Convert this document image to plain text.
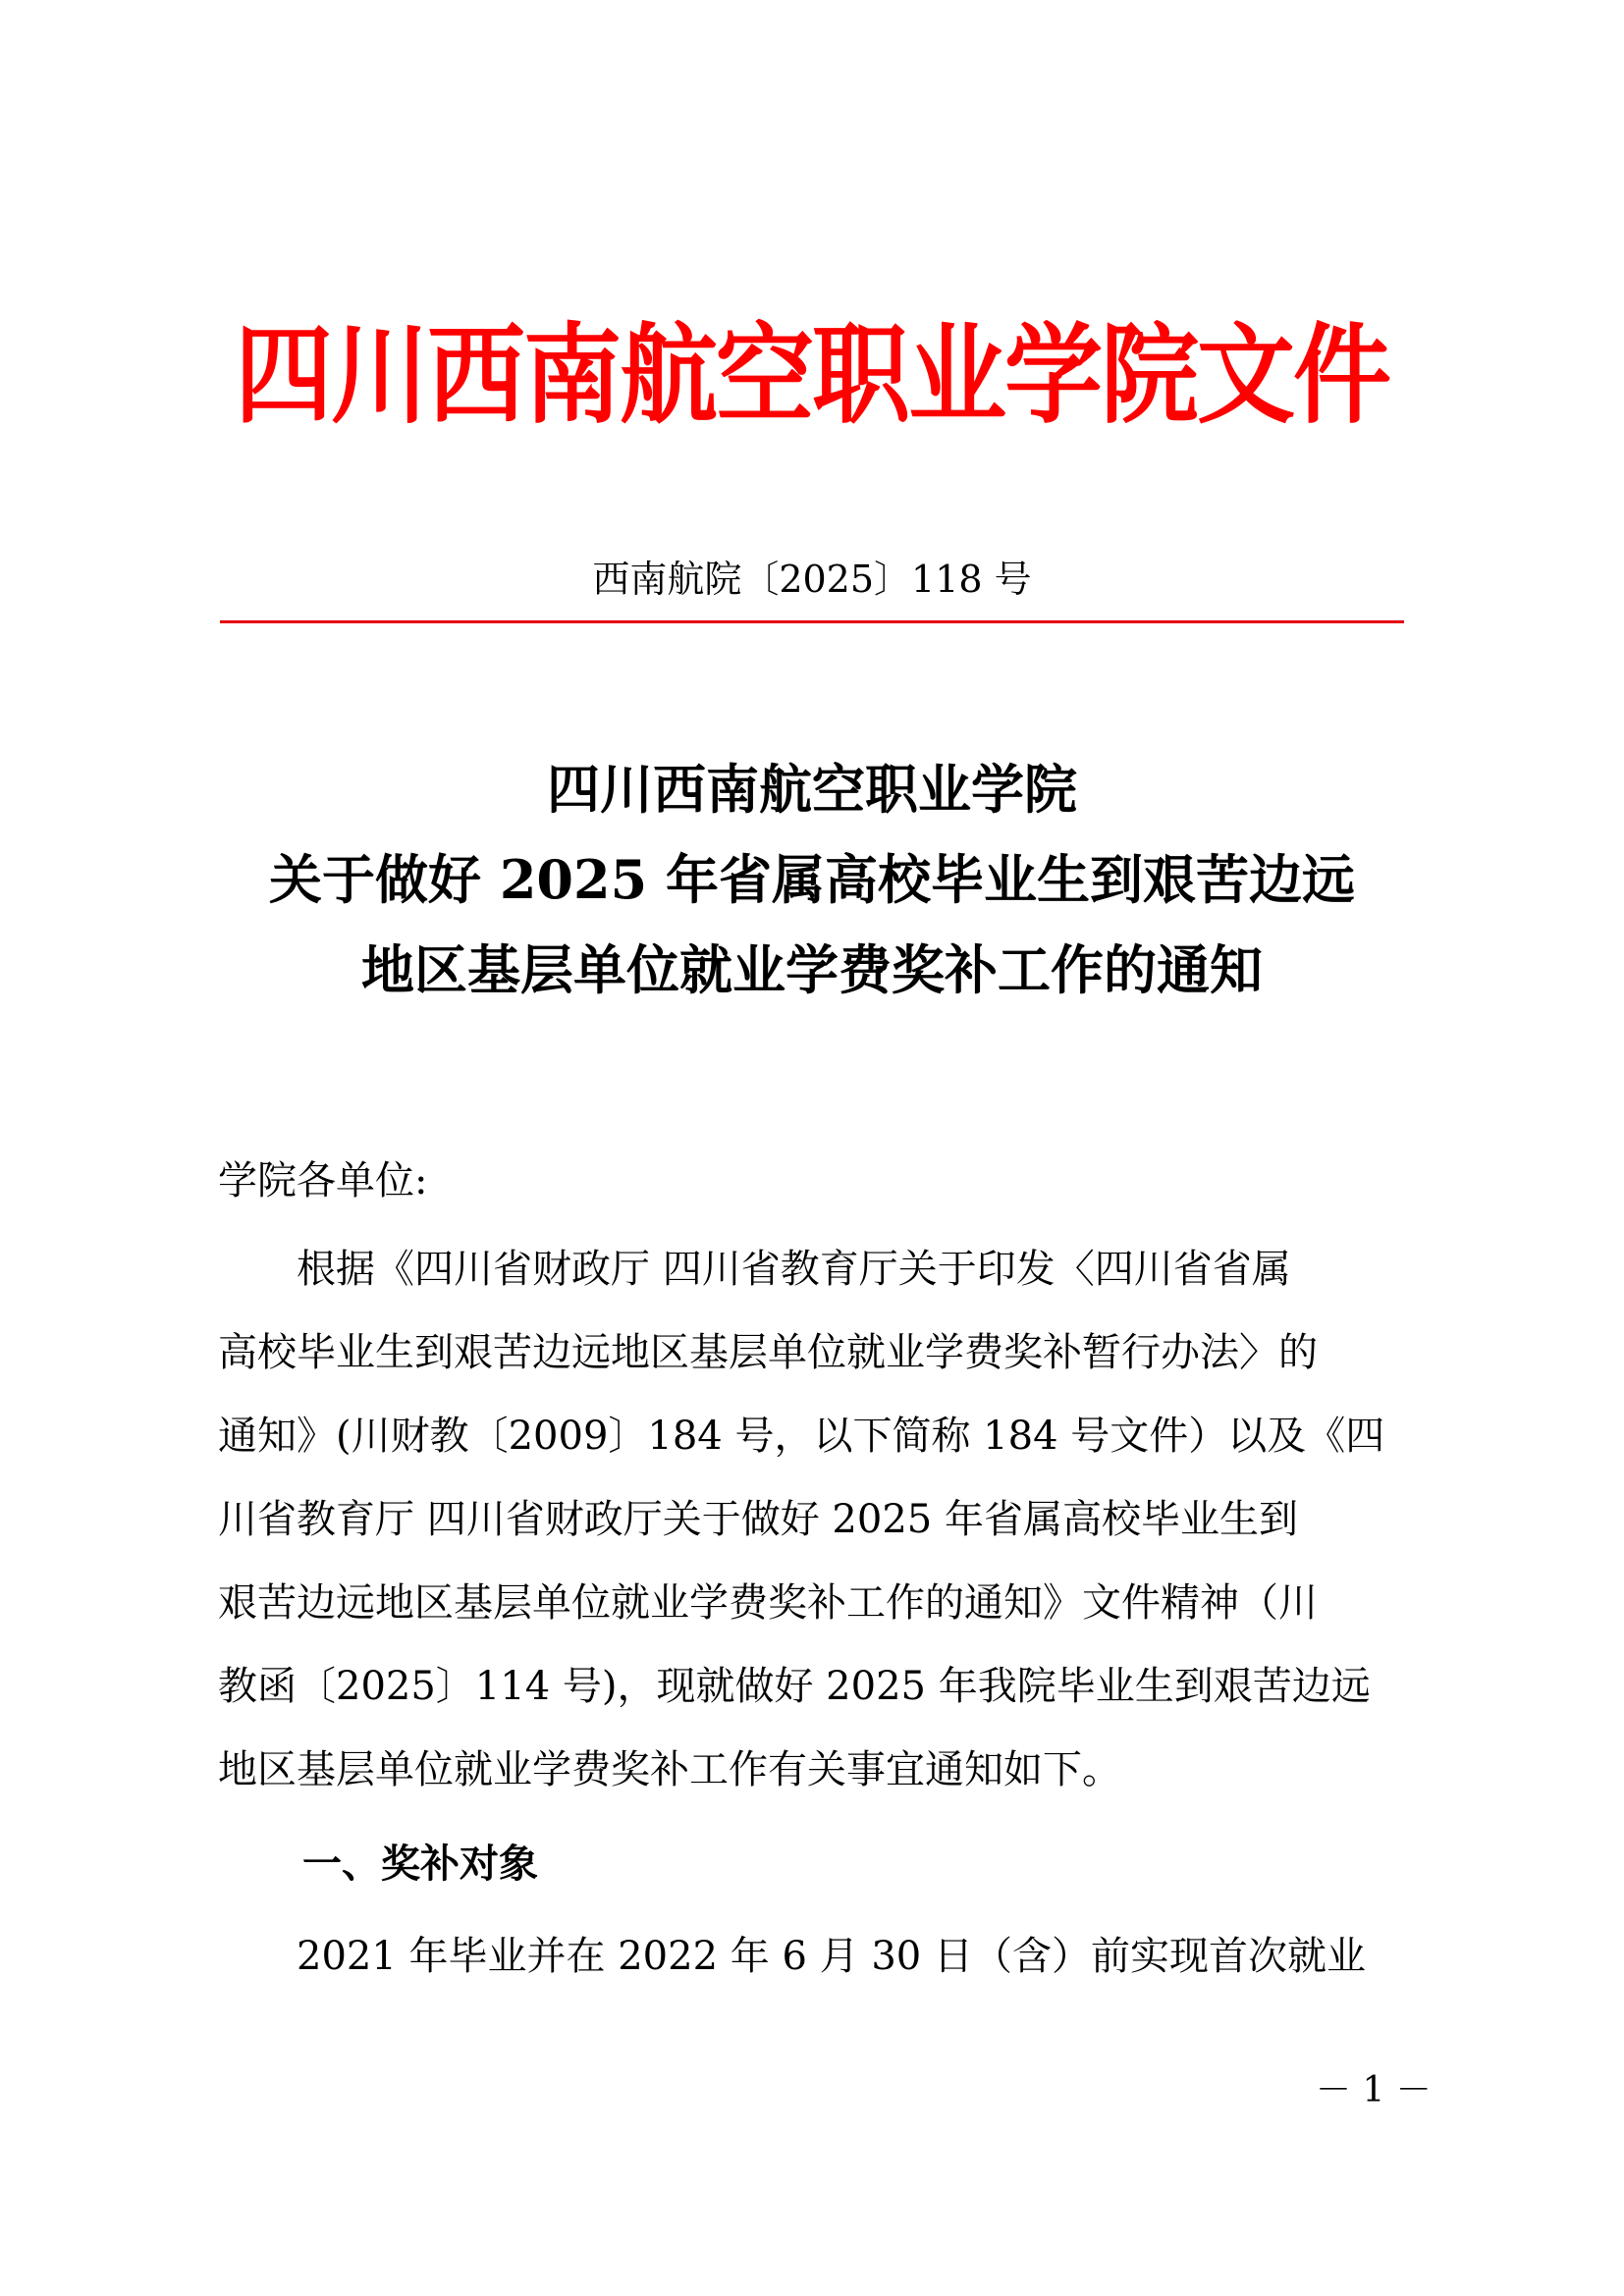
四川西南航空职业学院文件
西南航院〔2025〕118 号
四川西南航空职业学院
关于做好 2025 年省属高校毕业生到艰苦边远
地区基层单位就业学费奖补工作的通知
学院各单位:
　　根据《四川省财政厅 四川省教育厅关于印发〈四川省省属
高校毕业生到艰苦边远地区基层单位就业学费奖补暂行办法〉的
通知》(川财教〔2009〕184 号，以下简称 184 号文件）以及《四
川省教育厅 四川省财政厅关于做好 2025 年省属高校毕业生到
艰苦边远地区基层单位就业学费奖补工作的通知》文件精神（川
教函〔2025〕114 号)，现就做好 2025 年我院毕业生到艰苦边远
地区基层单位就业学费奖补工作有关事宜通知如下。
一、奖补对象
　　2021 年毕业并在 2022 年 6 月 30 日（含）前实现首次就业
－ 1 －
